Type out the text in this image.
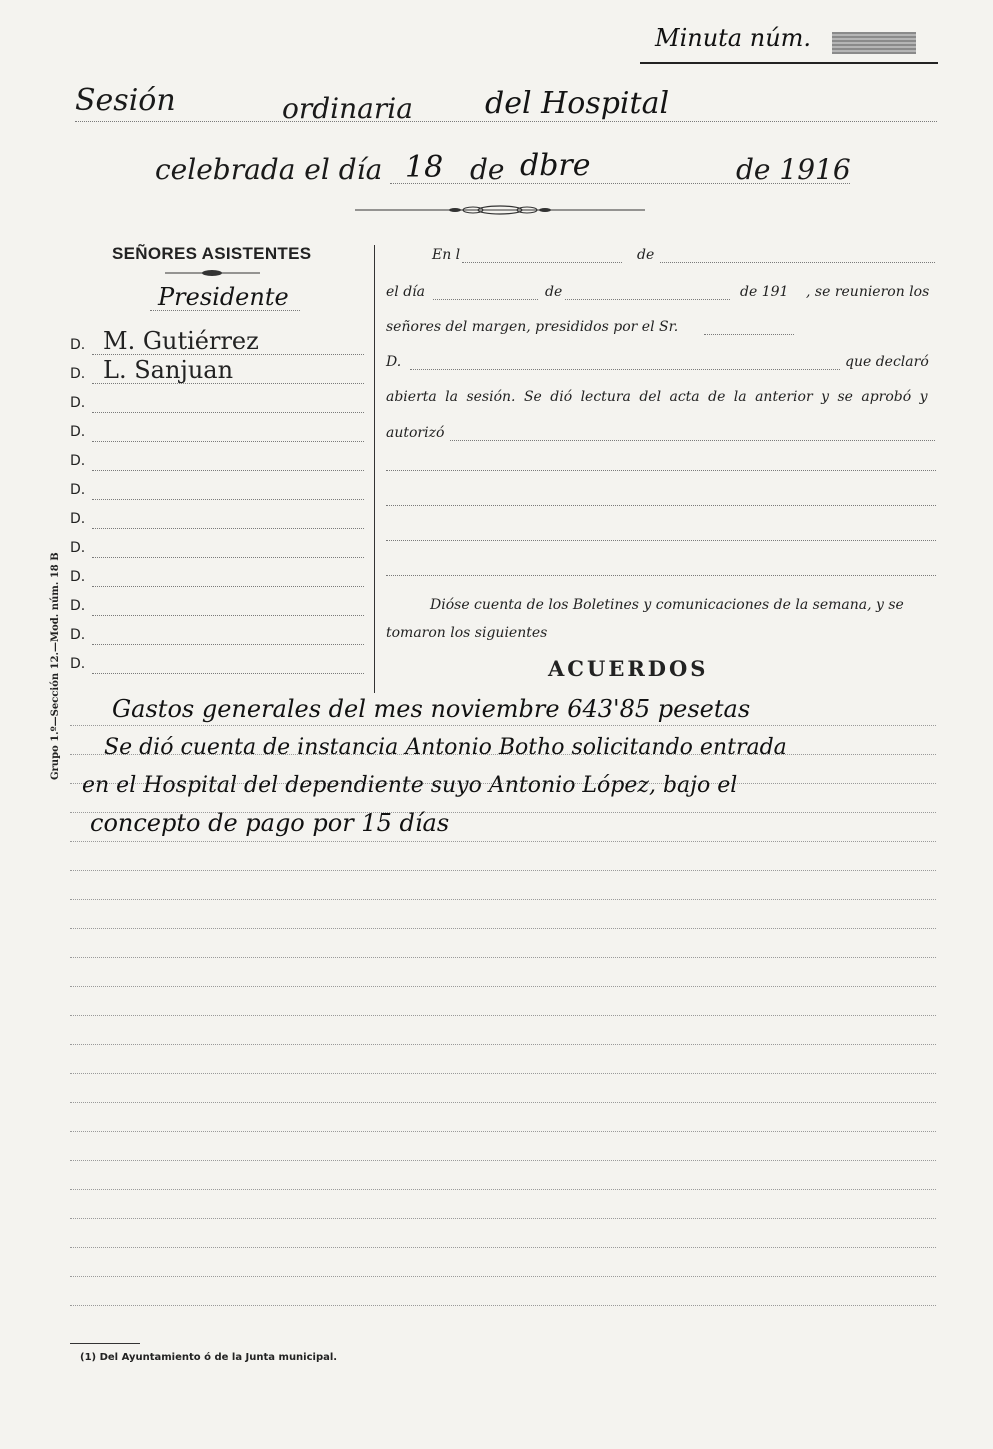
Minuta núm.
Sesión	ordinaria del Hospital
celebrada el día 18 de dbre	de 1916
SEÑORES ASISTENTES
Presidente
D. M. Gutiérrez
D. L. Sanjuan
D.
D.
D.
D.
D.
D.
D.
D.
D.
D.
En l	de
el día	de	de 191 , se reunieron los
señores del margen, presididos por el Sr.
D.	que declaró
abierta la sesión. Se dió lectura del acta de la anterior y se aprobó y
autorizó
Dióse cuenta de los Boletines y comunicaciones de la semana, y se
tomaron los siguientes
ACUERDOS
Grupo 1.º—Sección 12.—Mod. núm. 18 B Gastos generales del mes noviembre 643'85 pesetas
Se dió cuenta de instancia Antonio Botho solicitando entrada
en el Hospital del dependiente suyo Antonio López, bajo el
concepto de pago por 15 días
(1) Del Ayuntamiento ó de la Junta municipal.
